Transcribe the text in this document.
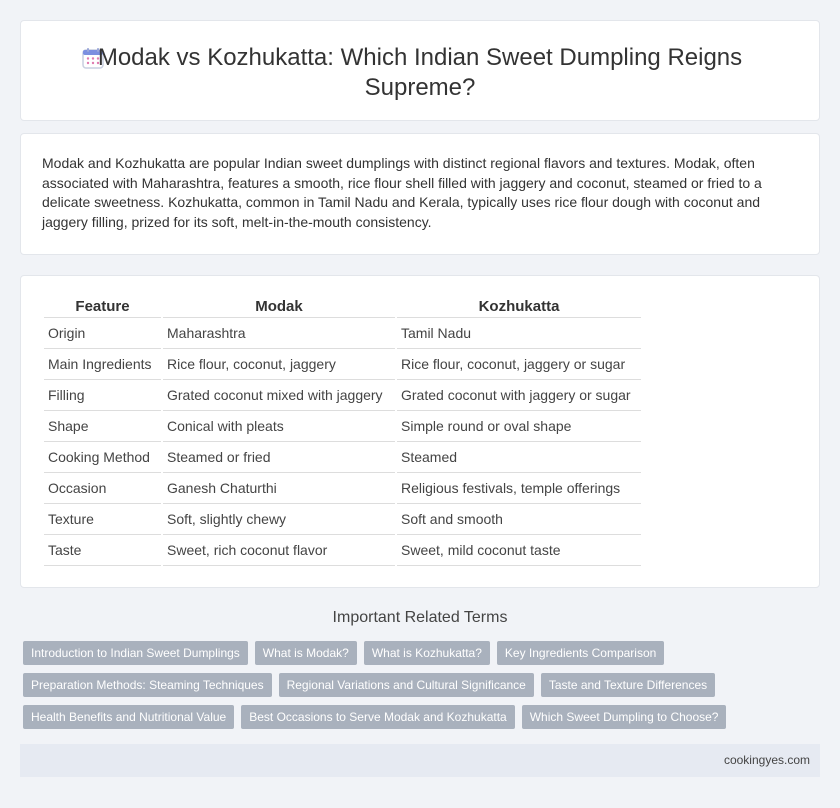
Modak vs Kozhukatta: Which Indian Sweet Dumpling Reigns Supreme?

Modak and Kozhukatta are popular Indian sweet dumplings with distinct regional flavors and textures. Modak, often associated with Maharashtra, features a smooth, rice flour shell filled with jaggery and coconut, steamed or fried to a delicate sweetness. Kozhukatta, common in Tamil Nadu and Kerala, typically uses rice flour dough with coconut and jaggery filling, prized for its soft, melt-in-the-mouth consistency.

Feature	Modak	Kozhukatta
Origin	Maharashtra	Tamil Nadu
Main Ingredients	Rice flour, coconut, jaggery	Rice flour, coconut, jaggery or sugar
Filling	Grated coconut mixed with jaggery	Grated coconut with jaggery or sugar
Shape	Conical with pleats	Simple round or oval shape
Cooking Method	Steamed or fried	Steamed
Occasion	Ganesh Chaturthi	Religious festivals, temple offerings
Texture	Soft, slightly chewy	Soft and smooth
Taste	Sweet, rich coconut flavor	Sweet, mild coconut taste
Important Related Terms
Introduction to Indian Sweet Dumplings	What is Modak?	What is Kozhukatta?	Key Ingredients Comparison
Preparation Methods: Steaming Techniques	Regional Variations and Cultural Significance	Taste and Texture Differences
Health Benefits and Nutritional Value	Best Occasions to Serve Modak and Kozhukatta	Which Sweet Dumpling to Choose?
cookingyes.com
